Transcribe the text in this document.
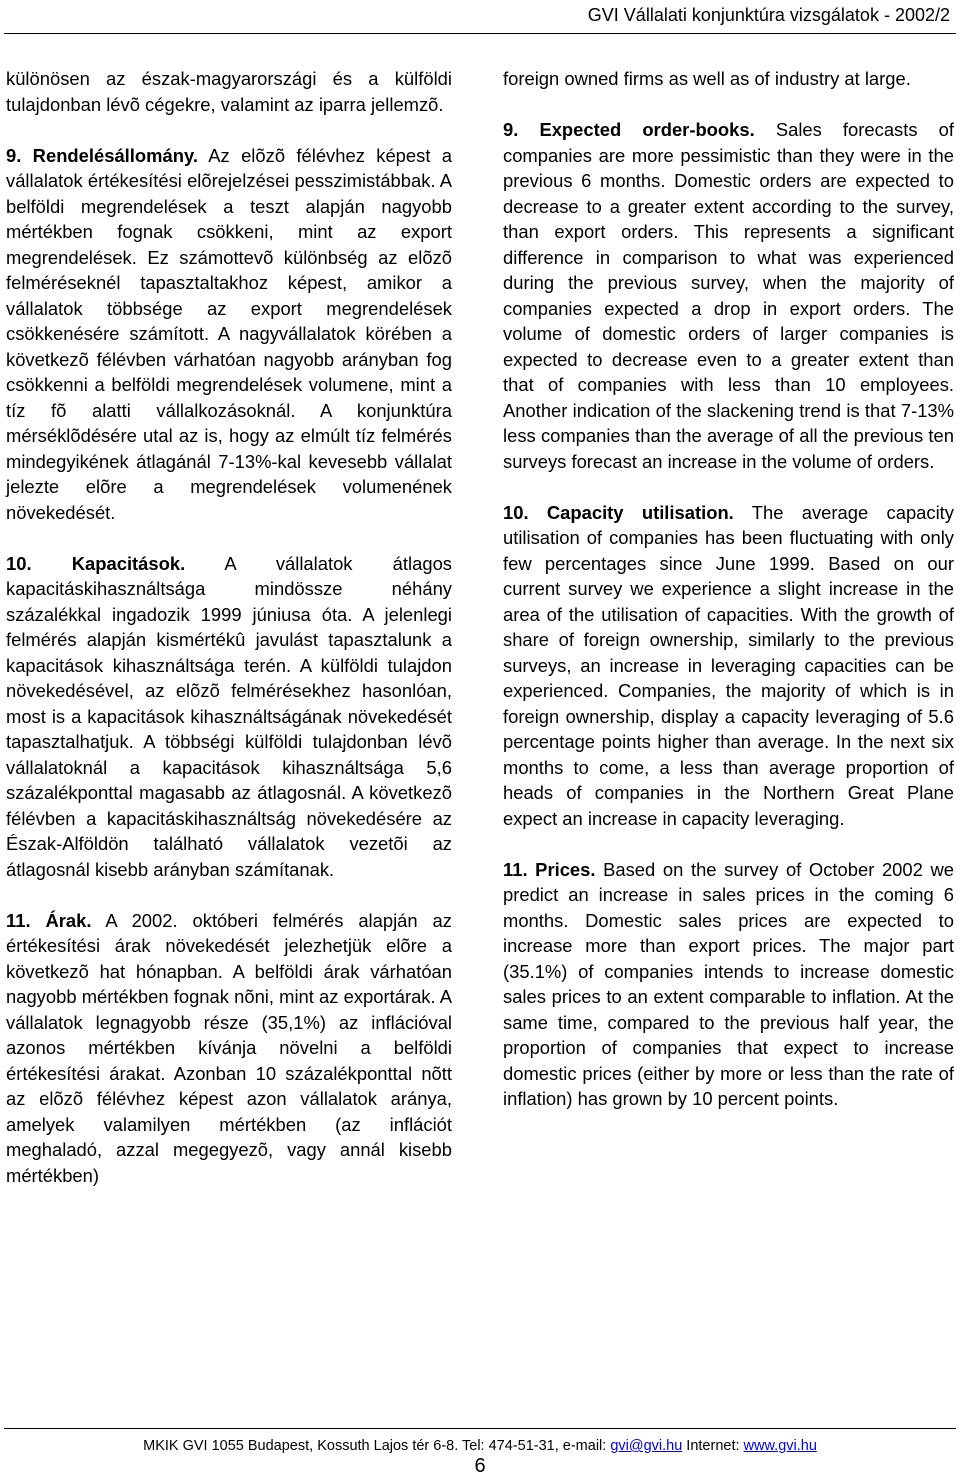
GVI Vállalati konjunktúra vizsgálatok - 2002/2

különösen az észak-magyarországi és a külföldi tulajdonban lévõ cégekre, valamint az iparra jellemzõ.

9. Rendelésállomány. Az elõzõ félévhez képest a vállalatok értékesítési elõrejelzései pesszimistábbak. A belföldi megrendelések a teszt alapján nagyobb mértékben fognak csökkeni, mint az export megrendelések. Ez számottevõ különbség az elõzõ felméréseknél tapasztaltakhoz képest, amikor a vállalatok többsége az export megrendelések csökkenésére számított. A nagyvállalatok körében a következõ félévben várhatóan nagyobb arányban fog csökkenni a belföldi megrendelések volumene, mint a tíz fõ alatti vállalkozásoknál. A konjunktúra mérséklõdésére utal az is, hogy az elmúlt tíz felmérés mindegyikének átlagánál 7-13%-kal kevesebb vállalat jelezte elõre a megrendelések volumenének növekedését.

10. Kapacitások. A vállalatok átlagos kapacitáskihasználtsága mindössze néhány százalékkal ingadozik 1999 júniusa óta. A jelenlegi felmérés alapján kismértékû javulást tapasztalunk a kapacitások kihasználtsága terén. A külföldi tulajdon növekedésével, az elõzõ felmérésekhez hasonlóan, most is a kapacitások kihasználtságának növekedését tapasztalhatjuk. A többségi külföldi tulajdonban lévõ vállalatoknál a kapacitások kihasználtsága 5,6 százalékponttal magasabb az átlagosnál. A következõ félévben a kapacitáskihasználtság növekedésére az Észak-Alföldön található vállalatok vezetõi az átlagosnál kisebb arányban számítanak.

11. Árak. A 2002. októberi felmérés alapján az értékesítési árak növekedését jelezhetjük elõre a következõ hat hónapban. A belföldi árak várhatóan nagyobb mértékben fognak nõni, mint az exportárak. A vállalatok legnagyobb része (35,1%) az inflációval azonos mértékben kívánja növelni a belföldi értékesítési árakat. Azonban 10 százalékponttal nõtt az elõzõ félévhez képest azon vállalatok aránya, amelyek valamilyen mértékben (az inflációt meghaladó, azzal megegyezõ, vagy annál kisebb mértékben)

foreign owned firms as well as of industry at large.

9. Expected order-books. Sales forecasts of companies are more pessimistic than they were in the previous 6 months. Domestic orders are expected to decrease to a greater extent according to the survey, than export orders. This represents a significant difference in comparison to what was experienced during the previous survey, when the majority of companies expected a drop in export orders. The volume of domestic orders of larger companies is expected to decrease even to a greater extent than that of companies with less than 10 employees. Another indication of the slackening trend is that 7-13% less companies than the average of all the previous ten surveys forecast an increase in the volume of orders.

10. Capacity utilisation. The average capacity utilisation of companies has been fluctuating with only few percentages since June 1999. Based on our current survey we experience a slight increase in the area of the utilisation of capacities. With the growth of share of foreign ownership, similarly to the previous surveys, an increase in leveraging capacities can be experienced. Companies, the majority of which is in foreign ownership, display a capacity leveraging of 5.6 percentage points higher than average. In the next six months to come, a less than average proportion of heads of companies in the Northern Great Plane expect an increase in capacity leveraging.

11. Prices. Based on the survey of October 2002 we predict an increase in sales prices in the coming 6 months. Domestic sales prices are expected to increase more than export prices. The major part (35.1%) of companies intends to increase domestic sales prices to an extent comparable to inflation. At the same time, compared to the previous half year, the proportion of companies that expect to increase domestic prices (either by more or less than the rate of inflation) has grown by 10 percent points.

MKIK GVI 1055 Budapest, Kossuth Lajos tér 6-8. Tel: 474-51-31, e-mail: gvi@gvi.hu Internet: www.gvi.hu
6
